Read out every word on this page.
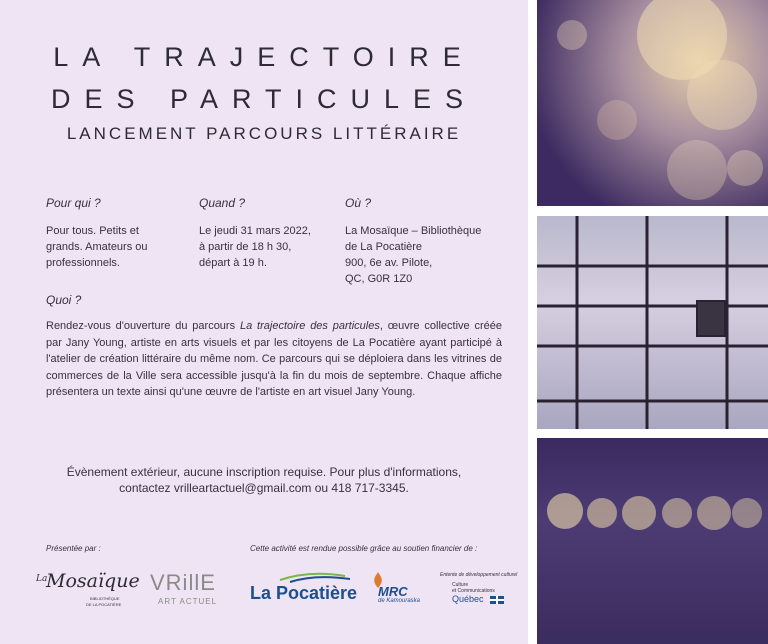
LA TRAJECTOIRE
DES PARTICULES
LANCEMENT PARCOURS LITTÉRAIRE
Pour qui ?
Pour tous. Petits et
grands. Amateurs ou
professionnels.
Quand ?
Le jeudi 31 mars 2022,
à partir de 18 h 30,
départ à 19 h.
Où ?
La Mosaïque – Bibliothèque
de La Pocatière
900, 6e av. Pilote,
QC, G0R 1Z0
Quoi ?
Rendez-vous d'ouverture du parcours La trajectoire des particules, œuvre collective créée par Jany Young, artiste en arts visuels et par les citoyens de La Pocatière ayant participé à l'atelier de création littéraire du même nom. Ce parcours qui se déploiera dans les vitrines de commerces de la Ville sera accessible jusqu'à la fin du mois de septembre. Chaque affiche présentera un texte ainsi qu'une œuvre de l'artiste en art visuel Jany Young.
Évènement extérieur, aucune inscription requise. Pour plus d'informations,
contactez vrilleartactuel@gmail.com ou 418 717-3345.
Présentée par :	Cette activité est rendue possible grâce au soutien financier de :
La
Mosaïque
BIBLIOTHÈQUE
DE LA POCATIÈRE
VRillE
ART ACTUEL La Pocatière MRC
de Kamouraska
Entente de développement culturel
Culture
et Communications
Québec
